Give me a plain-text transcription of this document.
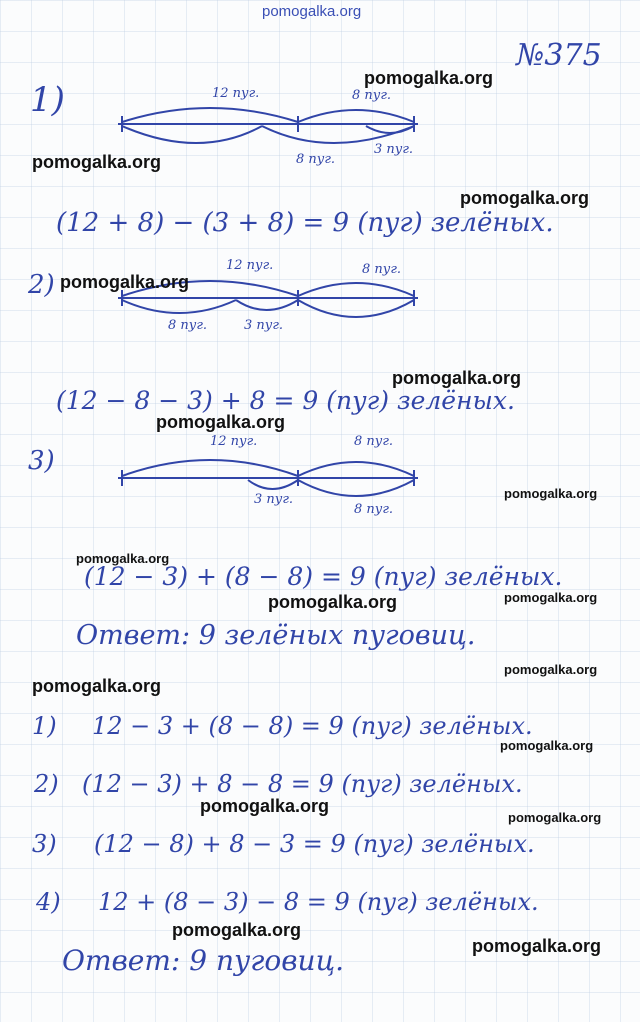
pomogalka.org
№375
1)	12 пуг.	8 пуг.
8 пуг.
3 пуг.
(12 + 8) − (3 + 8) = 9 (пуг) зелёных.
2)
12 пуг.	8 пуг.
8 пуг.	3 пуг.
(12 − 8 − 3) + 8 = 9 (пуг) зелёных.
3)
12 пуг.	8 пуг.
3 пуг.
8 пуг.
(12 − 3) + (8 − 8) = 9 (пуг) зелёных.
Ответ: 9 зелёных пуговиц.
1) 12 − 3 + (8 − 8) = 9 (пуг) зелёных.
2) (12 − 3) + 8 − 8 = 9 (пуг) зелёных.
3) (12 − 8) + 8 − 3 = 9 (пуг) зелёных.
4) 12 + (8 − 3) − 8 = 9 (пуг) зелёных.
Ответ: 9 пуговиц.
pomogalka.org
pomogalka.org
pomogalka.org
pomogalka.org
pomogalka.org
pomogalka.org
pomogalka.org
pomogalka.org
pomogalka.org
pomogalka.org
pomogalka.org
pomogalka.org
pomogalka.org
pomogalka.org
pomogalka.org
pomogalka.org
pomogalka.org
